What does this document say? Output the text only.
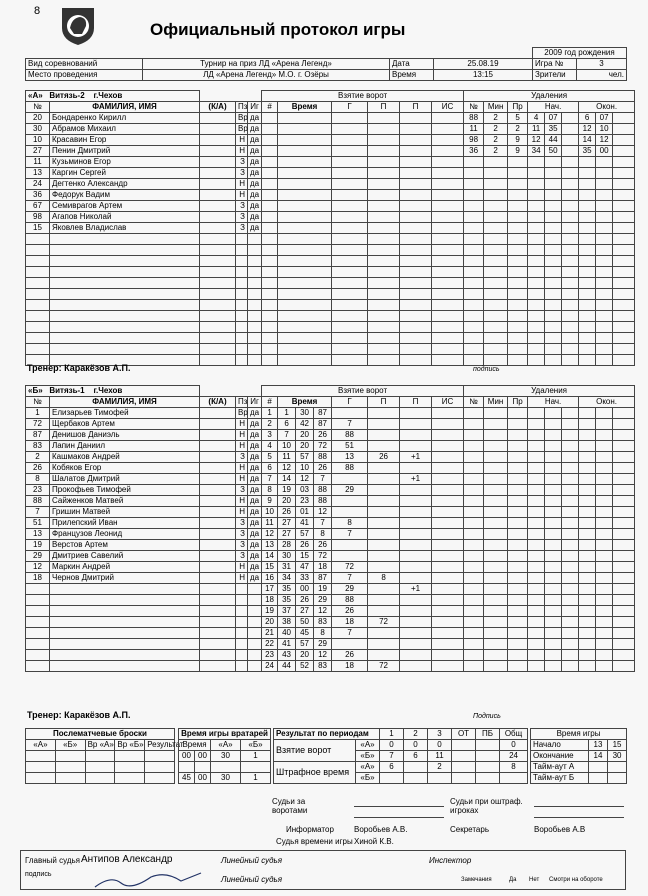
8
Официальный протокол игры
				2009 год рождения	
Вид соревнований	Турнир на приз ЛД «Арена Легенд»	Дата	25.08.19	Игра №	3
Место проведения	ЛД «Арена Легенд» М.О. г. Озёры	Время	13:15	Зрители	чел.
«А» Витязь-2 г.Чехов					Взятие ворот						Удаления								
№	ФАМИЛИЯ, ИМЯ	(К/А)	Пз	Иг	#	Время	Г	П	П	ИС	№	Мин	Пр	Нач.			Окон.		
20	Бондаренко Кирилл		Вр	да							88	2	5	4	07		6	07	
30	Абрамов Михаил		Вр	да							11	2	2	11	35		12	10	
10	Красавин Егор		Н	да							98	2	9	12	44		14	12	
27	Пенин Дмитрий		Н	да							36	2	9	34	50		35	00	
11	Кузьминов Егор		З	да															
13	Каргин Сергей		З	да															
24	Дегтенко Александр		Н	да															
36	Федорук Вадим		Н	да															
67	Семиврагов Артем		З	да															
98	Агапов Николай		З	да															
15	Яковлев Владислав		З	да															

Тренер: Каракёзов А.П.	подпись
«Б» Витязь-1 г.Чехов					Взятие ворот								Удаления								
№	ФАМИЛИЯ, ИМЯ	(К/А)	Пз	Иг	#	Время			Г	П	П	ИС	№	Мин	Пр	Нач.			Окон.		
1	Елизарьев Тимофей		Вр	да	1	1	30	87													
72	Щербаков Артем		Н	да	2	6	42	87	7												
87	Денишов Даниэль		Н	да	3	7	20	26	88												
83	Лапин Даниил		Н	да	4	10	20	72	51												
2	Кашмаков Андрей		З	да	5	11	57	88	13	26	+1										
26	Кобяков Егор		Н	да	6	12	10	26	88												
8	Шалатов Дмитрий		Н	да	7	14	12	7			+1										
23	Прокофьев Тимофей		З	да	8	19	03	88	29												
88	Сайженков Матвей		Н	да	9	20	23	88													
7	Гришин Матвей		Н	да	10	26	01	12													
51	Прилепский Иван		З	да	11	27	41	7	8												
13	Французов Леонид		З	да	12	27	57	8	7												
19	Верстов Артем		З	да	13	28	26	26													
29	Дмитриев Савелий		З	да	14	30	15	72													
12	Маркин Андрей		Н	да	15	31	47	18	72												
18	Чернов Дмитрий		Н	да	16	34	33	87	7	8											
					17	35	00	19	29		+1										
					18	35	26	29	88												
					19	37	27	12	26												
					20	38	50	83	18	72											
					21	40	45	8	7												
					22	41	57	29													
					23	43	20	12	26												
					24	44	52	83	18	72											
Тренер: Каракёзов А.П.	Подпись
Послематчевые броски				
«А»	«Б»	Вр «А»	Вр «Б»	Результат

Время игры вратарей			
Время		«А»	«Б»
00	00	30	1

45	00	30	1
Результат по периодам		1	2	3	ОТ	ПБ	Общ
Взятие ворот	«А»	0	0	0			0
	«Б»	7	6	11			24
Штрафное время	«А»	6		2			8
	«Б»						
Время игры		
Начало	13	15
Окончание	14	30
Тайм-аут А		
Тайм-аут Б		
Судьи за воротами
Судьи при оштраф. игроках
Информатор	Воробьев А.В.	Секретарь	Воробьев А.В
Судья времени игры Хиной К.В.
Главный судья Антипов Александр
подпись
Линейный судья
Линейный судья
Инспектор
Замечания	Да Нет Смотри на обороте
